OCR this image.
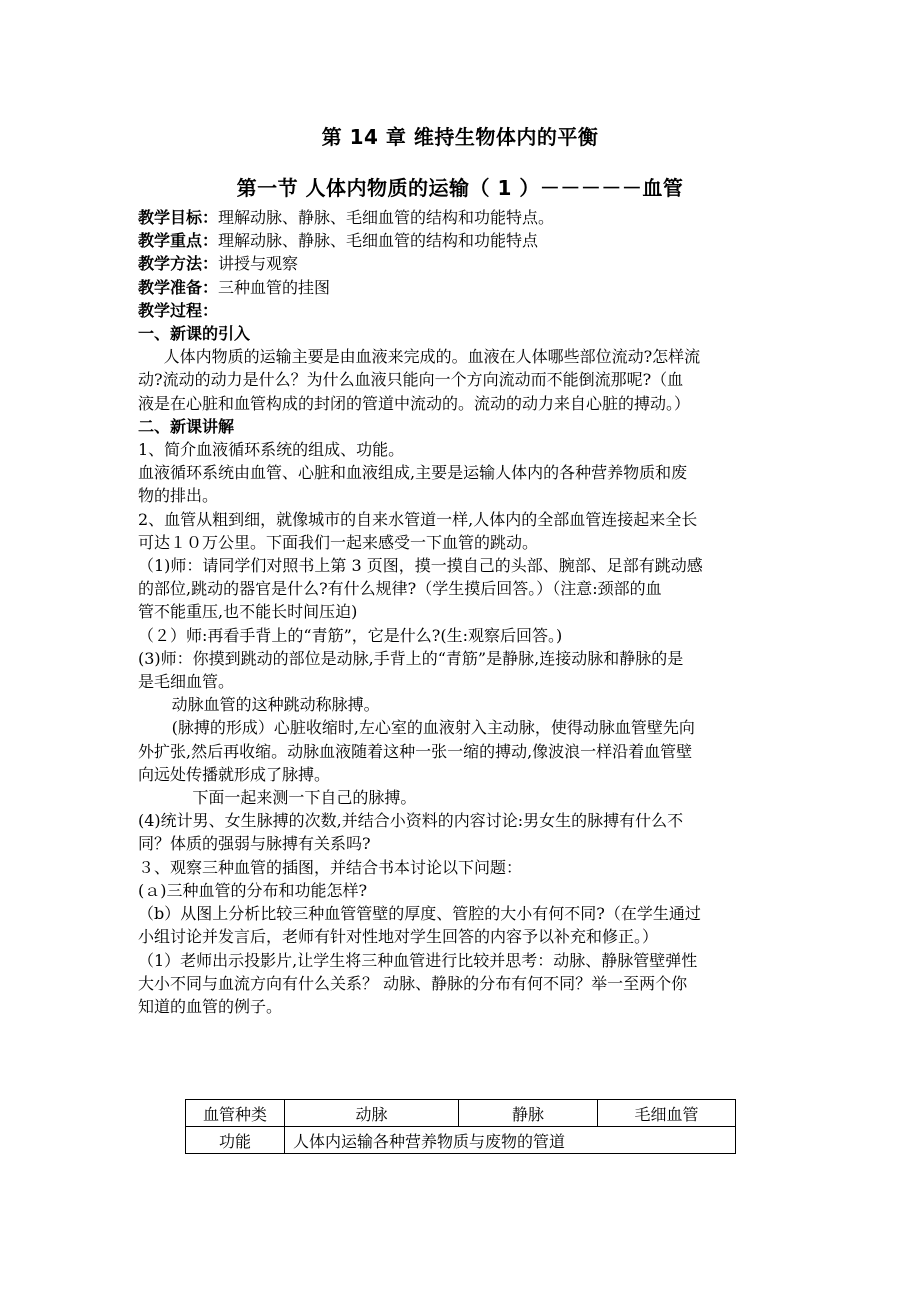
第 14 章 维持生物体内的平衡
第一节 人体内物质的运输（ 1 ）－－－－－血管

教学目标：理解动脉、静脉、毛细血管的结构和功能特点。

教学重点：理解动脉、静脉、毛细血管的结构和功能特点

教学方法：讲授与观察

教学准备：三种血管的挂图

教学过程：

一、新课的引入

人体内物质的运输主要是由血液来完成的。血液在人体哪些部位流动?怎样流

动?流动的动力是什么？为什么血液只能向一个方向流动而不能倒流那呢?（血

液是在心脏和血管构成的封闭的管道中流动的。流动的动力来自心脏的搏动。）

二、新课讲解

1、简介血液循环系统的组成、功能。

血液循环系统由血管、心脏和血液组成,主要是运输人体内的各种营养物质和废

物的排出。

2、血管从粗到细，就像城市的自来水管道一样,人体内的全部血管连接起来全长

可达１０万公里。下面我们一起来感受一下血管的跳动。

（1)师：请同学们对照书上第 3 页图，摸一摸自己的头部、腕部、足部有跳动感

的部位,跳动的器官是什么?有什么规律?（学生摸后回答。）（注意:颈部的血

管不能重压,也不能长时间压迫)

（２）师:再看手背上的“青筋”，它是什么?(生:观察后回答。)

(3)师：你摸到跳动的部位是动脉,手背上的“青筋”是静脉,连接动脉和静脉的是

是毛细血管。

动脉血管的这种跳动称脉搏。

(脉搏的形成）心脏收缩时,左心室的血液射入主动脉，使得动脉血管壁先向

外扩张,然后再收缩。动脉血液随着这种一张一缩的搏动,像波浪一样沿着血管壁

向远处传播就形成了脉搏。

下面一起来测一下自己的脉搏。

(4)统计男、女生脉搏的次数,并结合小资料的内容讨论:男女生的脉搏有什么不

同？体质的强弱与脉搏有关系吗?

３、观察三种血管的插图，并结合书本讨论以下问题：

(ａ)三种血管的分布和功能怎样?

（b）从图上分析比较三种血管管壁的厚度、管腔的大小有何不同?（在学生通过

小组讨论并发言后，老师有针对性地对学生回答的内容予以补充和修正。）

（1）老师出示投影片,让学生将三种血管进行比较并思考：动脉、静脉管壁弹性

大小不同与血流方向有什么关系？ 动脉、静脉的分布有何不同？举一至两个你

知道的血管的例子。

血管种类	动脉	静脉	毛细血管
功能	人体内运输各种营养物质与废物的管道		
